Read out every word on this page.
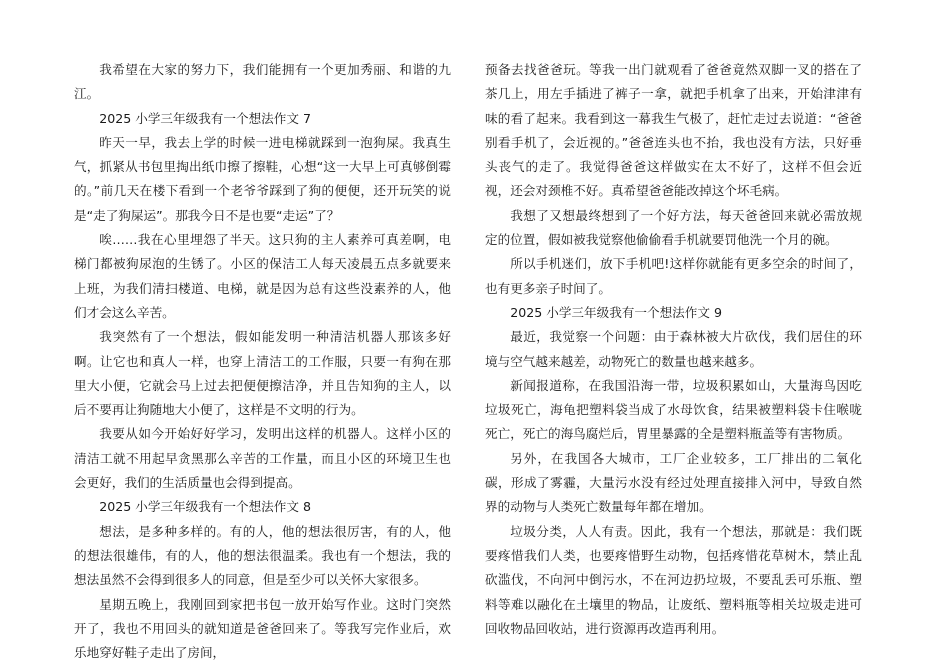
我希望在大家的努力下，我们能拥有一个更加秀丽、和谐的九江。

2025 小学三年级我有一个想法作文 7

昨天一早，我去上学的时候一进电梯就踩到一泡狗屎。我真生气，抓紧从书包里掏出纸巾擦了擦鞋，心想“这一大早上可真够倒霉的。”前几天在楼下看到一个老爷爷踩到了狗的便便，还开玩笑的说是“走了狗屎运”。那我今日不是也要“走运”了？

唉……我在心里埋怨了半天。这只狗的主人素养可真差啊，电梯门都被狗尿泡的生锈了。小区的保洁工人每天凌晨五点多就要来上班，为我们清扫楼道、电梯，就是因为总有这些没素养的人，他们才会这么辛苦。

我突然有了一个想法，假如能发明一种清洁机器人那该多好啊。让它也和真人一样，也穿上清洁工的工作服，只要一有狗在那里大小便，它就会马上过去把便便擦洁净，并且告知狗的主人，以后不要再让狗随地大小便了，这样是不文明的行为。

我要从如今开始好好学习，发明出这样的机器人。这样小区的清洁工就不用起早贪黑那么辛苦的工作量，而且小区的环境卫生也会更好，我们的生活质量也会得到提高。

2025 小学三年级我有一个想法作文 8

想法，是多种多样的。有的人，他的想法很厉害，有的人，他的想法很雄伟，有的人，他的想法很温柔。我也有一个想法，我的想法虽然不会得到很多人的同意，但是至少可以关怀大家很多。

星期五晚上，我刚回到家把书包一放开始写作业。这时门突然开了，我也不用回头的就知道是爸爸回来了。等我写完作业后，欢乐地穿好鞋子走出了房间，

预备去找爸爸玩。等我一出门就观看了爸爸竟然双脚一叉的搭在了茶几上，用左手插进了裤子一拿，就把手机拿了出来，开始津津有味的看了起来。我看到这一幕我生气极了，赶忙走过去说道：“爸爸别看手机了，会近视的。”爸爸连头也不抬，我也没有方法，只好垂头丧气的走了。我觉得爸爸这样做实在太不好了，这样不但会近视，还会对颈椎不好。真希望爸爸能改掉这个坏毛病。

我想了又想最终想到了一个好方法，每天爸爸回来就必需放规定的位置，假如被我觉察他偷偷看手机就要罚他洗一个月的碗。

所以手机迷们，放下手机吧!这样你就能有更多空余的时间了，也有更多亲子时间了。

2025 小学三年级我有一个想法作文 9

最近，我觉察一个问题：由于森林被大片砍伐，我们居住的环境与空气越来越差，动物死亡的数量也越来越多。

新闻报道称，在我国沿海一带，垃圾积累如山，大量海鸟因吃垃圾死亡，海龟把塑料袋当成了水母饮食，结果被塑料袋卡住喉咙死亡，死亡的海鸟腐烂后，胃里暴露的全是塑料瓶盖等有害物质。

另外，在我国各大城市，工厂企业较多，工厂排出的二氧化碳，形成了雾霾，大量污水没有经过处理直接排入河中，导致自然界的动物与人类死亡数量每年都在增加。

垃圾分类，人人有责。因此，我有一个想法，那就是：我们既要疼惜我们人类，也要疼惜野生动物，包括疼惜花草树木，禁止乱砍滥伐，不向河中倒污水，不在河边扔垃圾，不要乱丢可乐瓶、塑料等难以融化在土壤里的物品，让废纸、塑料瓶等相关垃圾走进可回收物品回收站，进行资源再改造再利用。
